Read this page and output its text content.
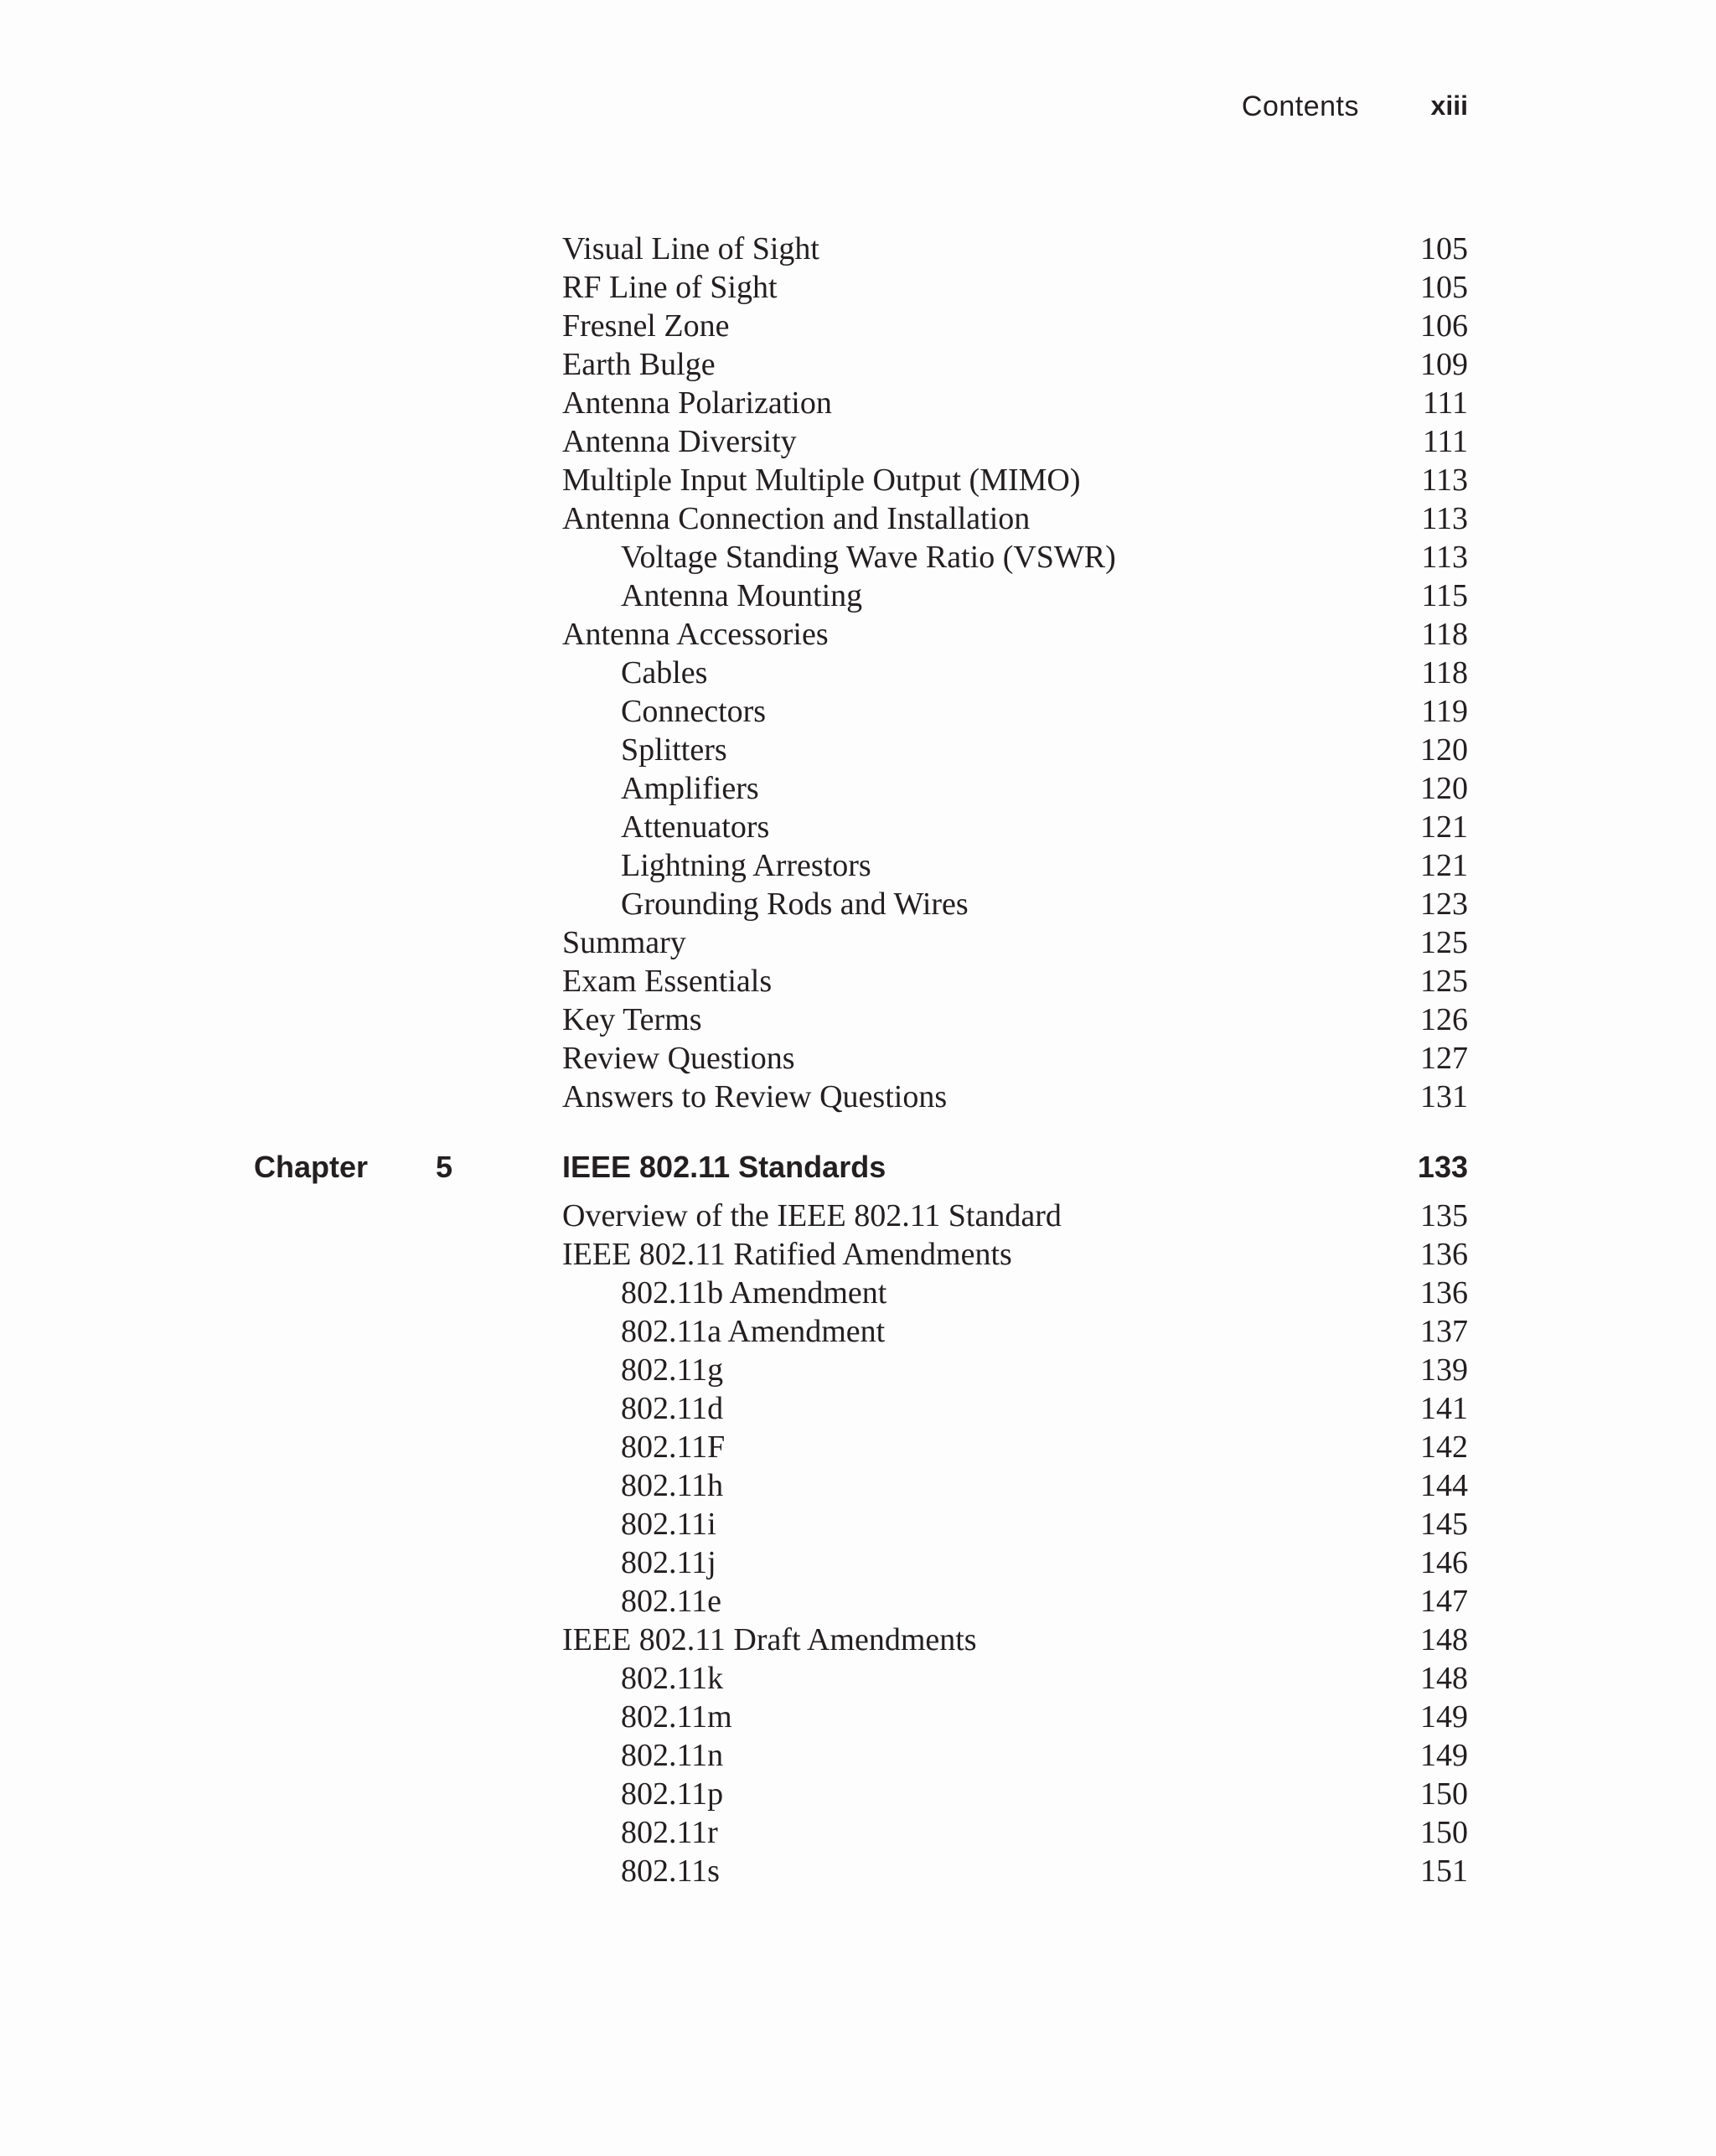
Contents	xiii
Visual Line of Sight	105
RF Line of Sight	105
Fresnel Zone	106
Earth Bulge	109
Antenna Polarization	111
Antenna Diversity	111
Multiple Input Multiple Output (MIMO)	113
Antenna Connection and Installation	113
Voltage Standing Wave Ratio (VSWR)	113
Antenna Mounting	115
Antenna Accessories	118
Cables	118
Connectors	119
Splitters	120
Amplifiers	120
Attenuators	121
Lightning Arrestors	121
Grounding Rods and Wires	123
Summary	125
Exam Essentials	125
Key Terms	126
Review Questions	127
Answers to Review Questions	131
Chapter 5	IEEE 802.11 Standards	133
Overview of the IEEE 802.11 Standard	135
IEEE 802.11 Ratified Amendments	136
802.11b Amendment	136
802.11a Amendment	137
802.11g	139
802.11d	141
802.11F	142
802.11h	144
802.11i	145
802.11j	146
802.11e	147
IEEE 802.11 Draft Amendments	148
802.11k	148
802.11m	149
802.11n	149
802.11p	150
802.11r	150
802.11s	151
